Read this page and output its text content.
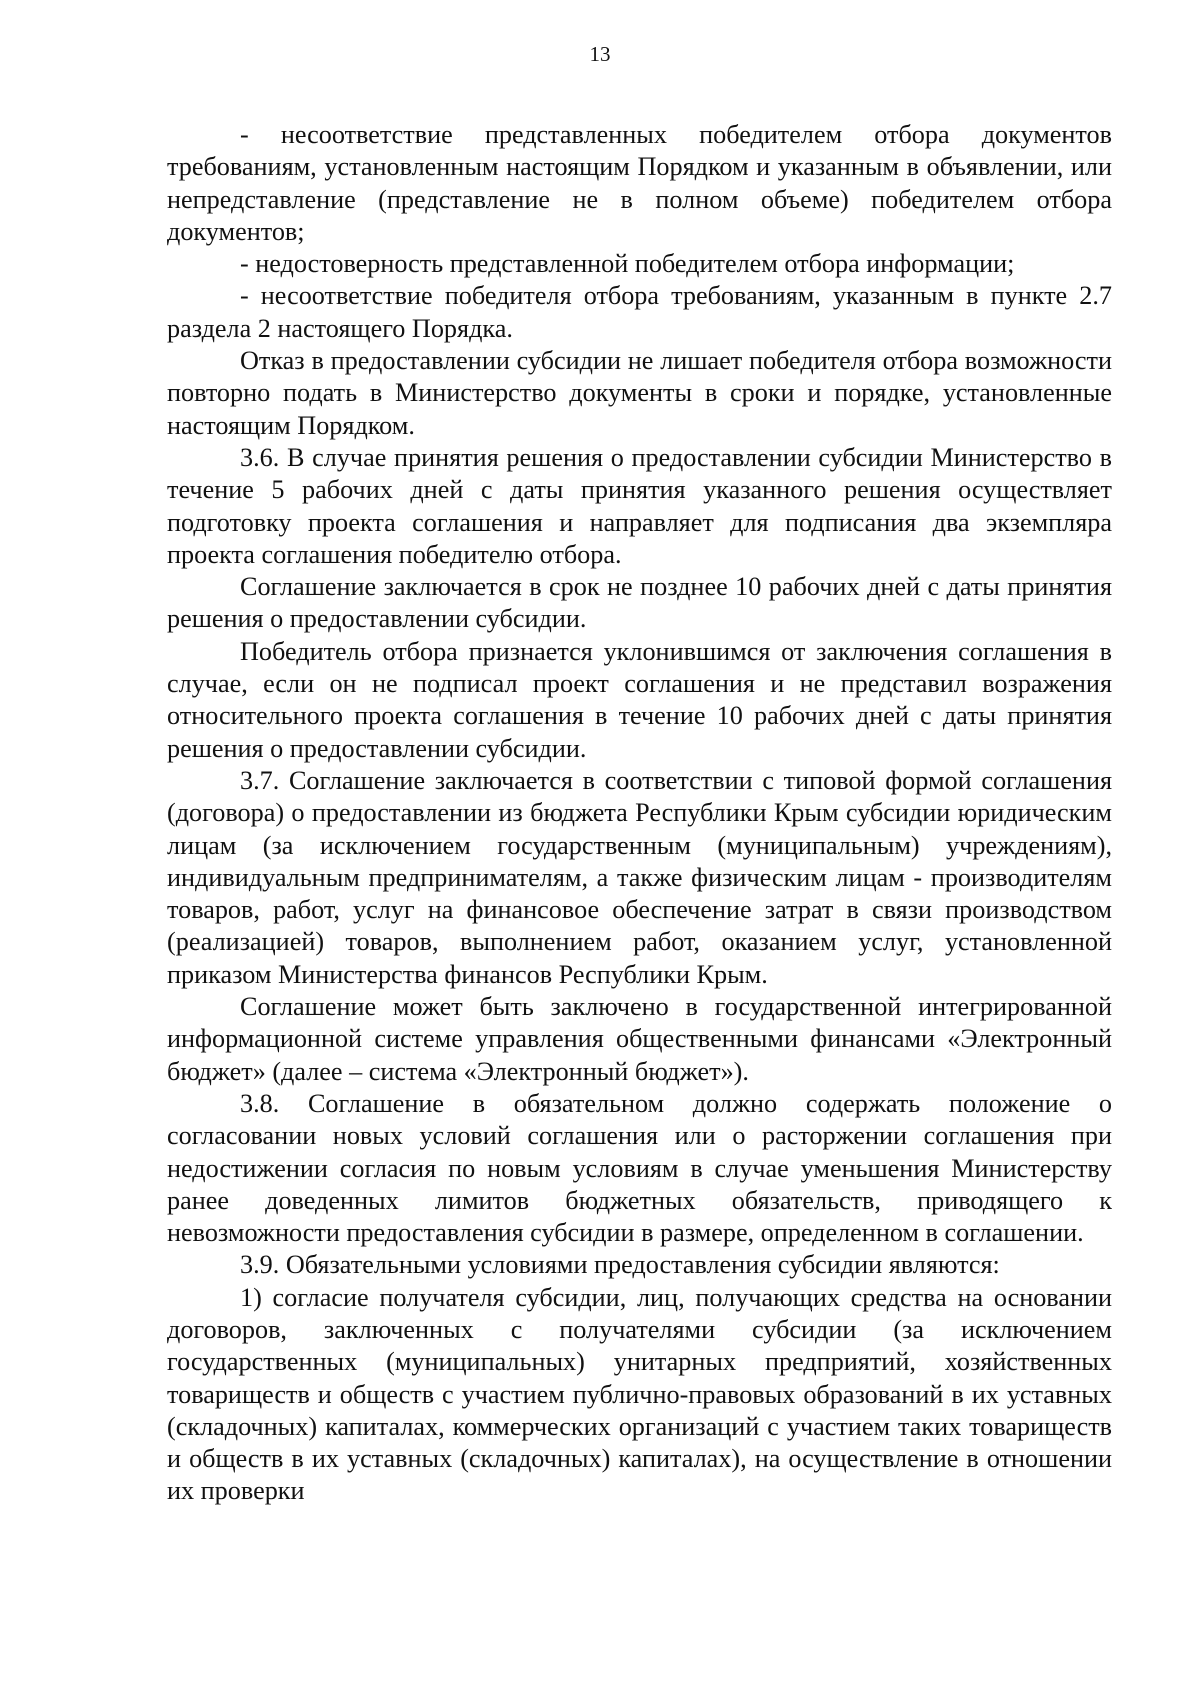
13

- несоответствие представленных победителем отбора документов требованиям, установленным настоящим Порядком и указанным в объявлении, или непредставление (представление не в полном объеме) победителем отбора документов;

- недостоверность представленной победителем отбора информации;

- несоответствие победителя отбора требованиям, указанным в пункте 2.7 раздела 2 настоящего Порядка.

Отказ в предоставлении субсидии не лишает победителя отбора возможности повторно подать в Министерство документы в сроки и порядке, установленные настоящим Порядком.

3.6. В случае принятия решения о предоставлении субсидии Министерство в течение 5 рабочих дней с даты принятия указанного решения осуществляет подготовку проекта соглашения и направляет для подписания два экземпляра проекта соглашения победителю отбора.

Соглашение заключается в срок не позднее 10 рабочих дней с даты принятия решения о предоставлении субсидии.

Победитель отбора признается уклонившимся от заключения соглашения в случае, если он не подписал проект соглашения и не представил возражения относительного проекта соглашения в течение 10 рабочих дней с даты принятия решения о предоставлении субсидии.

3.7. Соглашение заключается в соответствии с типовой формой соглашения (договора) о предоставлении из бюджета Республики Крым субсидии юридическим лицам (за исключением государственным (муниципальным) учреждениям), индивидуальным предпринимателям, а также физическим лицам - производителям товаров, работ, услуг на финансовое обеспечение затрат в связи производством (реализацией) товаров, выполнением работ, оказанием услуг, установленной приказом Министерства финансов Республики Крым.

Соглашение может быть заключено в государственной интегрированной информационной системе управления общественными финансами «Электронный бюджет» (далее – система «Электронный бюджет»).

3.8. Соглашение в обязательном должно содержать положение о согласовании новых условий соглашения или о расторжении соглашения при недостижении согласия по новым условиям в случае уменьшения Министерству ранее доведенных лимитов бюджетных обязательств, приводящего к невозможности предоставления субсидии в размере, определенном в соглашении.

3.9. Обязательными условиями предоставления субсидии являются:

1) согласие получателя субсидии, лиц, получающих средства на основании договоров, заключенных с получателями субсидии (за исключением государственных (муниципальных) унитарных предприятий, хозяйственных товариществ и обществ с участием публично-правовых образований в их уставных (складочных) капиталах, коммерческих организаций с участием таких товариществ и обществ в их уставных (складочных) капиталах), на осуществление в отношении их проверки
